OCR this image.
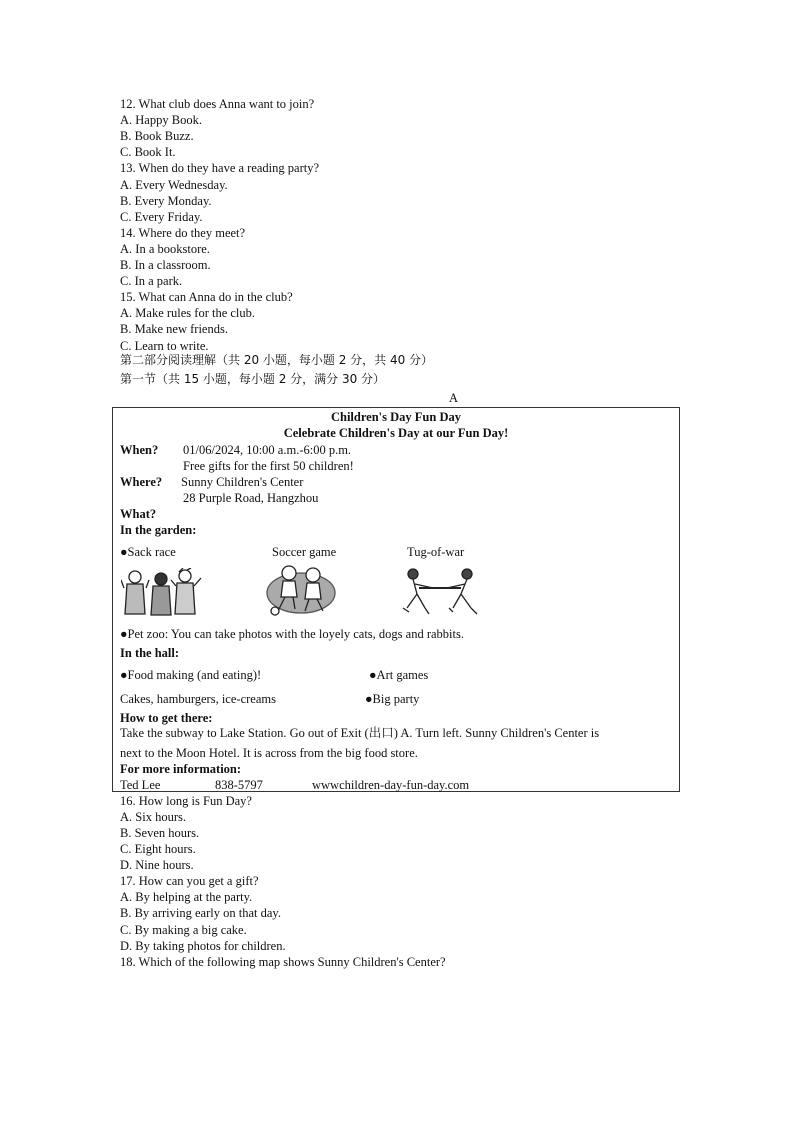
12. What club does Anna want to join?
A. Happy Book.
B. Book Buzz.
C. Book It.
13. When do they have a reading party?
A. Every Wednesday.
B. Every Monday.
C. Every Friday.
14. Where do they meet?
A. In a bookstore.
B. In a classroom.
C. In a park.
15. What can Anna do in the club?
A. Make rules for the club.
B. Make new friends.
C. Learn to write.
第二部分阅读理解（共 20 小题，每小题 2 分，共 40 分）
第一节（共 15 小题，每小题 2 分，满分 30 分）
A
Children's Day Fun Day
Celebrate Children's Day at our Fun Day!
When? 01/06/2024, 10:00 a.m.-6:00 p.m.
Free gifts for the first 50 children!
Where? Sunny Children's Center
28 Purple Road, Hangzhou
What?
In the garden:
●Sack race	Soccer game	Tug-of-war
●Pet zoo: You can take photos with the loyely cats, dogs and rabbits.
In the hall:
●Food making (and eating)!	●Art games
Cakes, hamburgers, ice-creams	●Big party
How to get there:
Take the subway to Lake Station. Go out of Exit (出口) A. Turn left. Sunny Children's Center is
next to the Moon Hotel. It is across from the big food store.
For more information:
Ted Lee	838-5797	wwwchildren-day-fun-day.com
16. How long is Fun Day?
A. Six hours.
B. Seven hours.
C. Eight hours.
D. Nine hours.
17. How can you get a gift?
A. By helping at the party.
B. By arriving early on that day.
C. By making a big cake.
D. By taking photos for children.
18. Which of the following map shows Sunny Children's Center?
